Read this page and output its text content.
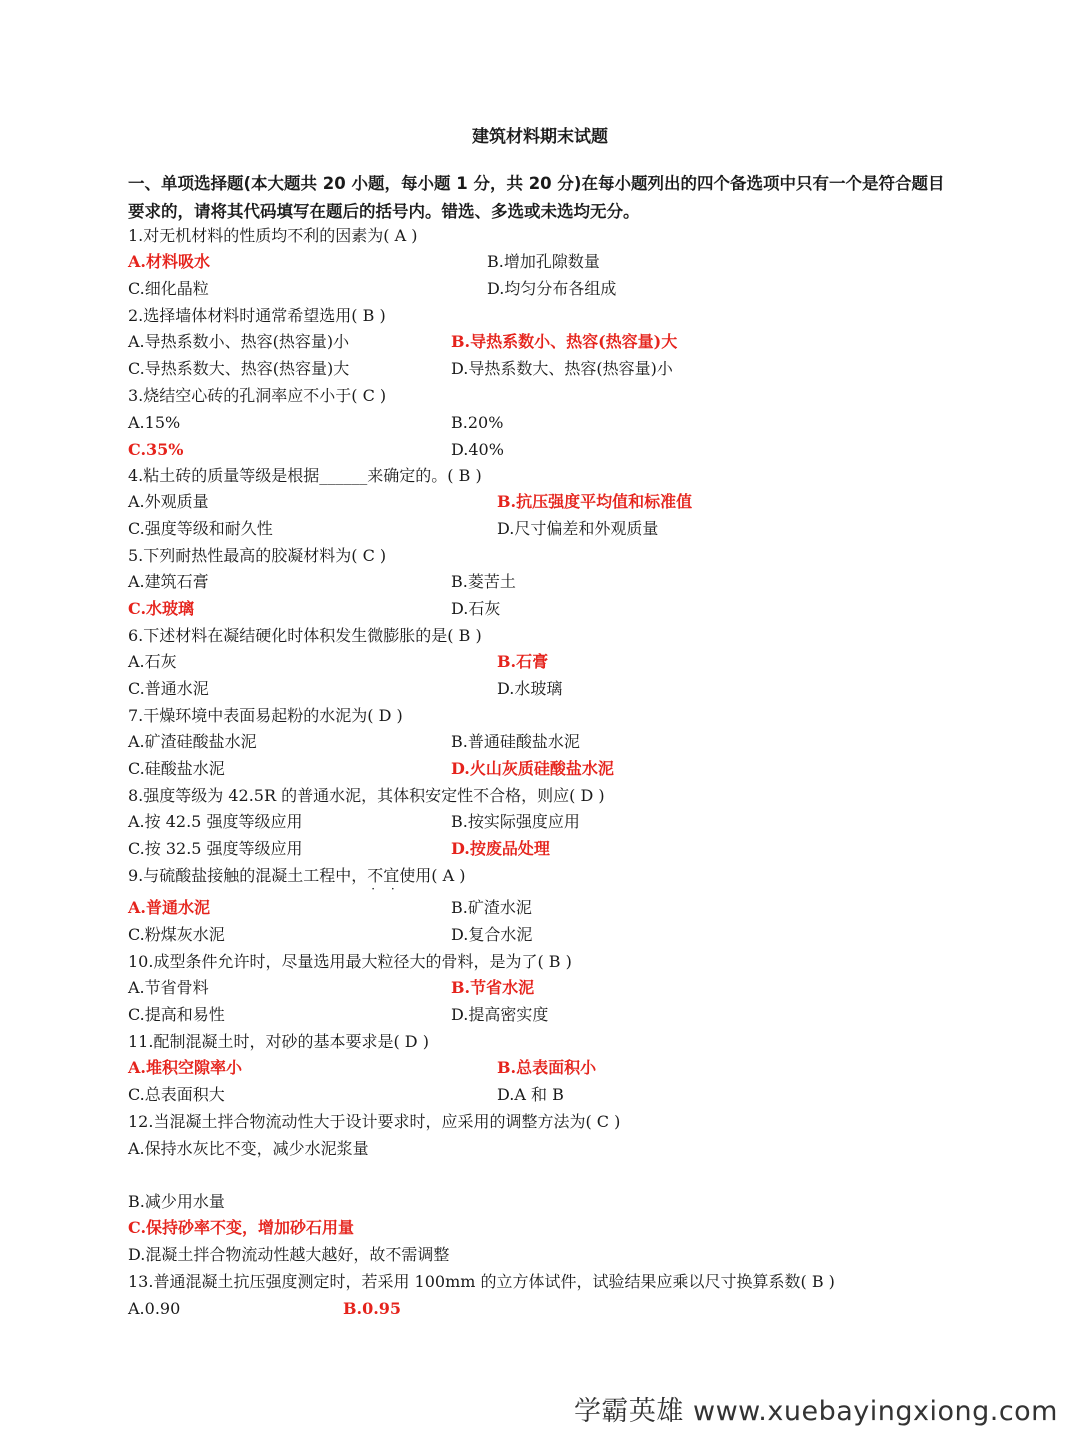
建筑材料期末试题
一、单项选择题(本大题共 20 小题，每小题 1 分，共 20 分)在每小题列出的四个备选项中只有一个是符合题目要求的，请将其代码填写在题后的括号内。错选、多选或未选均无分。
1.对无机材料的性质均不利的因素为( A )
A.材料吸水	B.增加孔隙数量
C.细化晶粒	D.均匀分布各组成
2.选择墙体材料时通常希望选用( B )
A.导热系数小、热容(热容量)小	B.导热系数小、热容(热容量)大
C.导热系数大、热容(热容量)大	D.导热系数大、热容(热容量)小
3.烧结空心砖的孔洞率应不小于( C )
A.15%	B.20%
C.35%	D.40%
4.粘土砖的质量等级是根据______来确定的。( B )
A.外观质量	B.抗压强度平均值和标准值
C.强度等级和耐久性	D.尺寸偏差和外观质量
5.下列耐热性最高的胶凝材料为( C )
A.建筑石膏	B.菱苦土
C.水玻璃	D.石灰
6.下述材料在凝结硬化时体积发生微膨胀的是( B )
A.石灰	B.石膏
C.普通水泥	D.水玻璃
7.干燥环境中表面易起粉的水泥为( D )
A.矿渣硅酸盐水泥	B.普通硅酸盐水泥
C.硅酸盐水泥	D.火山灰质硅酸盐水泥
8.强度等级为 42.5R 的普通水泥，其体积安定性不合格，则应( D )
A.按 42.5 强度等级应用	B.按实际强度应用
C.按 32.5 强度等级应用	D.按废品处理
9.与硫酸盐接触的混凝土工程中，不宜 · ·使用( A )
A.普通水泥	B.矿渣水泥
C.粉煤灰水泥	D.复合水泥
10.成型条件允许时，尽量选用最大粒径大的骨料，是为了( B )
A.节省骨料	B.节省水泥
C.提高和易性	D.提高密实度
11.配制混凝土时，对砂的基本要求是( D )
A.堆积空隙率小	B.总表面积小
C.总表面积大	D.A 和 B
12.当混凝土拌合物流动性大于设计要求时，应采用的调整方法为( C )
A.保持水灰比不变，减少水泥浆量
B.减少用水量
C.保持砂率不变，增加砂石用量
D.混凝土拌合物流动性越大越好，故不需调整
13.普通混凝土抗压强度测定时，若采用 100mm 的立方体试件，试验结果应乘以尺寸换算系数( B )
A.0.90	B.0.95
学霸英雄 www.xuebayingxiong.com
